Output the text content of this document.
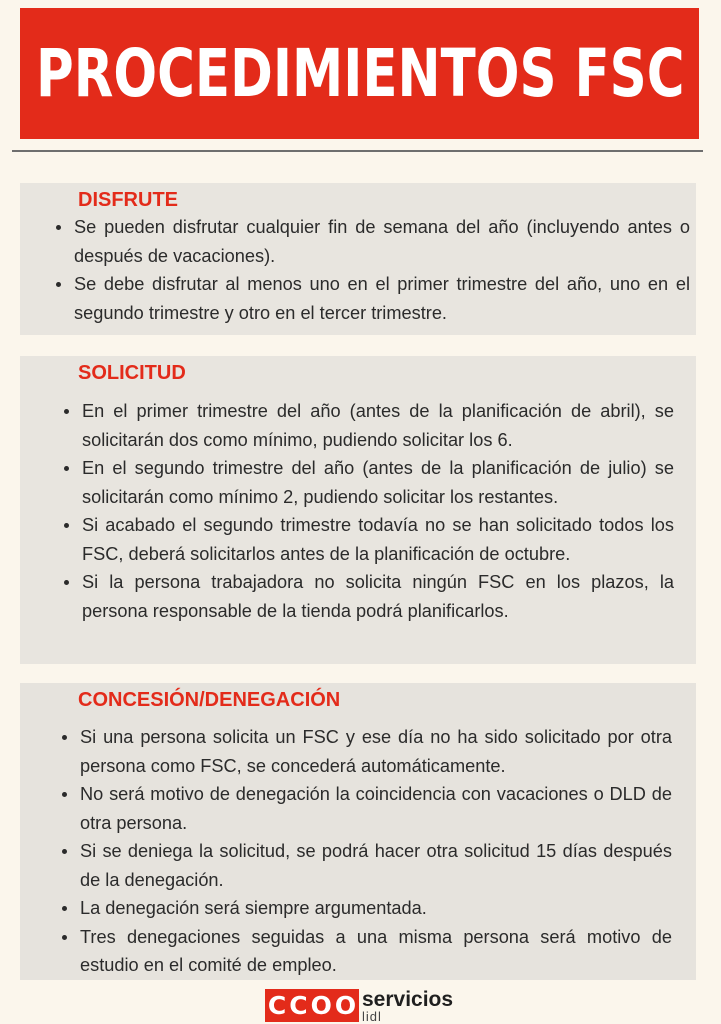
PROCEDIMIENTOS FSC
DISFRUTE
Se pueden disfrutar cualquier fin de semana del año (incluyendo antes o después de vacaciones).
Se debe disfrutar al menos uno en el primer trimestre del año, uno en el segundo trimestre y otro en el tercer trimestre.
SOLICITUD
En el primer trimestre del año (antes de la planificación de abril), se solicitarán dos como mínimo, pudiendo solicitar los 6.
En el segundo trimestre del año (antes de la planificación de julio) se solicitarán como mínimo 2, pudiendo solicitar los restantes.
Si acabado el segundo trimestre todavía no se han solicitado todos los FSC, deberá solicitarlos antes de la planificación de octubre.
Si la persona trabajadora no solicita ningún FSC en los plazos, la persona responsable de la tienda podrá planificarlos.
CONCESIÓN/DENEGACIÓN
Si una persona solicita un FSC y ese día no ha sido solicitado por otra persona como FSC, se concederá automáticamente.
No será motivo de denegación la coincidencia con vacaciones o DLD de otra persona.
Si se deniega la solicitud, se podrá hacer otra solicitud 15 días después de la denegación.
La denegación será siempre argumentada.
Tres denegaciones seguidas a una misma persona será motivo de estudio en el comité de empleo.
C C O O servicios
lidl
